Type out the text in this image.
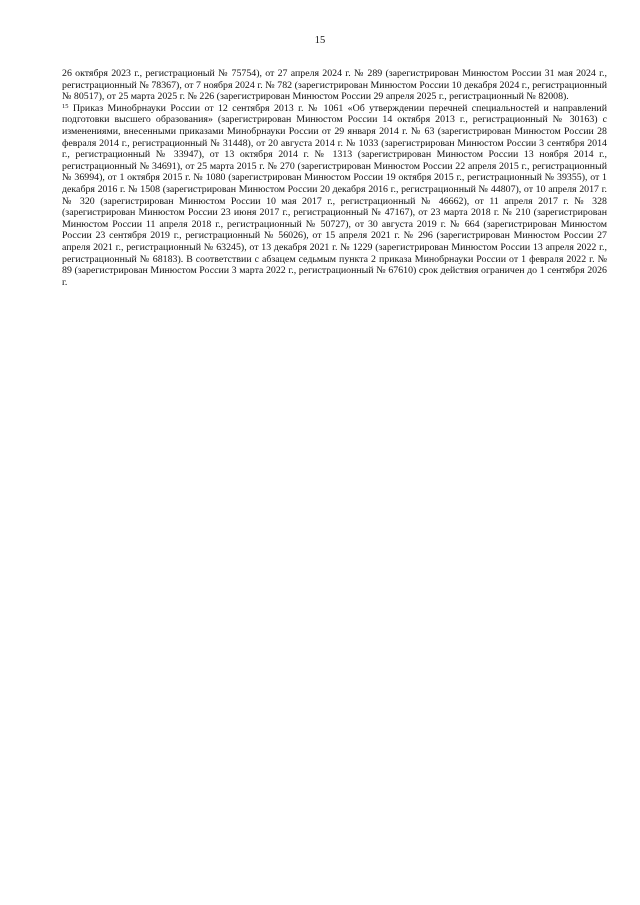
15

26 октября 2023 г., регистрационый № 75754), от 27 апреля 2024 г. № 289 (зарегистрирован Минюстом России 31 мая 2024 г., регистрационный № 78367), от 7 ноября 2024 г. № 782 (зарегистрирован Минюстом России 10 декабря 2024 г., регистрационный № 80517), от 25 марта 2025 г. № 226 (зарегистрирован Минюстом России 29 апреля 2025 г., регистрационный № 82008).

$^{15}$ Приказ Минобрнауки России от 12 сентября 2013 г. № 1061 «Об утверждении перечней специальностей и направлений подготовки высшего образования» (зарегистрирован Минюстом России 14 октября 2013 г., регистрационный № 30163) с изменениями, внесенными приказами Минобрнауки России от 29 января 2014 г. № 63 (зарегистрирован Минюстом России 28 февраля 2014 г., регистрационный № 31448), от 20 августа 2014 г. № 1033 (зарегистрирован Минюстом России 3 сентября 2014 г., регистрационный № 33947), от 13 октября 2014 г. № 1313 (зарегистрирован Минюстом России 13 ноября 2014 г., регистрационный № 34691), от 25 марта 2015 г. № 270 (зарегистрирован Минюстом России 22 апреля 2015 г., регистрационный № 36994), от 1 октября 2015 г. № 1080 (зарегистрирован Минюстом России 19 октября 2015 г., регистрационный № 39355), от 1 декабря 2016 г. № 1508 (зарегистрирован Минюстом России 20 декабря 2016 г., регистрационный № 44807), от 10 апреля 2017 г. № 320 (зарегистрирован Минюстом России 10 мая 2017 г., регистрационный № 46662), от 11 апреля 2017 г. № 328 (зарегистрирован Минюстом России 23 июня 2017 г., регистрационный № 47167), от 23 марта 2018 г. № 210 (зарегистрирован Минюстом России 11 апреля 2018 г., регистрационный № 50727), от 30 августа 2019 г. № 664 (зарегистрирован Минюстом России 23 сентября 2019 г., регистрационный № 56026), от 15 апреля 2021 г. № 296 (зарегистрирован Минюстом России 27 апреля 2021 г., регистрационный № 63245), от 13 декабря 2021 г. № 1229 (зарегистрирован Минюстом России 13 апреля 2022 г., регистрационный № 68183). В соответствии с абзацем седьмым пункта 2 приказа Минобрнауки России от 1 февраля 2022 г. № 89 (зарегистрирован Минюстом России 3 марта 2022 г., регистрационный № 67610) срок действия ограничен до 1 сентября 2026 г.
